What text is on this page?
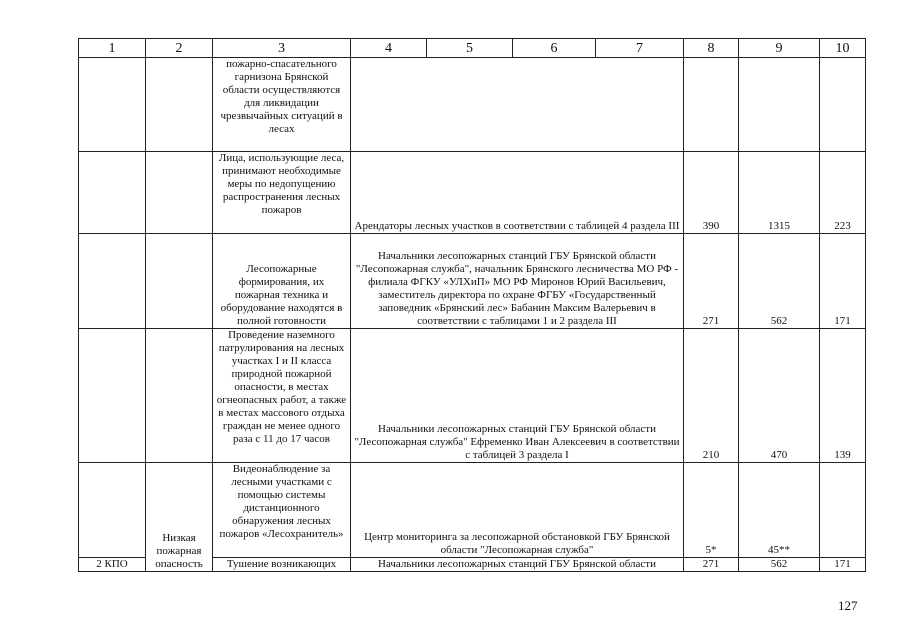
1	2	3	4	5	6	7	8	9	10
		пожарно-спасательного гарнизона Брянской области осуществляются для ликвидации чрезвычайных ситуаций в лесах							
		Лица, использующие леса, принимают необходимые меры по недопущению распространения лесных пожаров	Арендаторы лесных участков в соответствии с таблицей 4 раздела III				390	1315	223
		Лесопожарные формирования, их пожарная техника и оборудование находятся в полной готовности	Начальники лесопожарных станций ГБУ Брянской области "Лесопожарная служба", начальник Брянского лесничества МО РФ - филиала ФГКУ «УЛХиП» МО РФ Миронов Юрий Васильевич, заместитель директора по охране ФГБУ «Государственный заповедник «Брянский лес» Бабанин Максим Валерьевич в соответствии с таблицами 1 и 2 раздела III				271	562	171
		Проведение наземного патрулирования на лесных участках I и II класса природной пожарной опасности, в местах огнеопасных работ, а также в местах массового отдыха граждан не менее одного раза с 11 до 17 часов	Начальники лесопожарных станций ГБУ Брянской области "Лесопожарная служба" Ефременко Иван Алексеевич в соответствии с таблицей 3 раздела I				210	470	139
	Низкая пожарная опасность	Видеонаблюдение за лесными участками с помощью системы дистанционного обнаружения лесных пожаров «Лесохранитель»	Центр мониторинга за лесопожарной обстановкой ГБУ Брянской области "Лесопожарная служба"				5*	45**	
2 КПО		Тушение возникающих	Начальники лесопожарных станций ГБУ Брянской области				271	562	171
127
